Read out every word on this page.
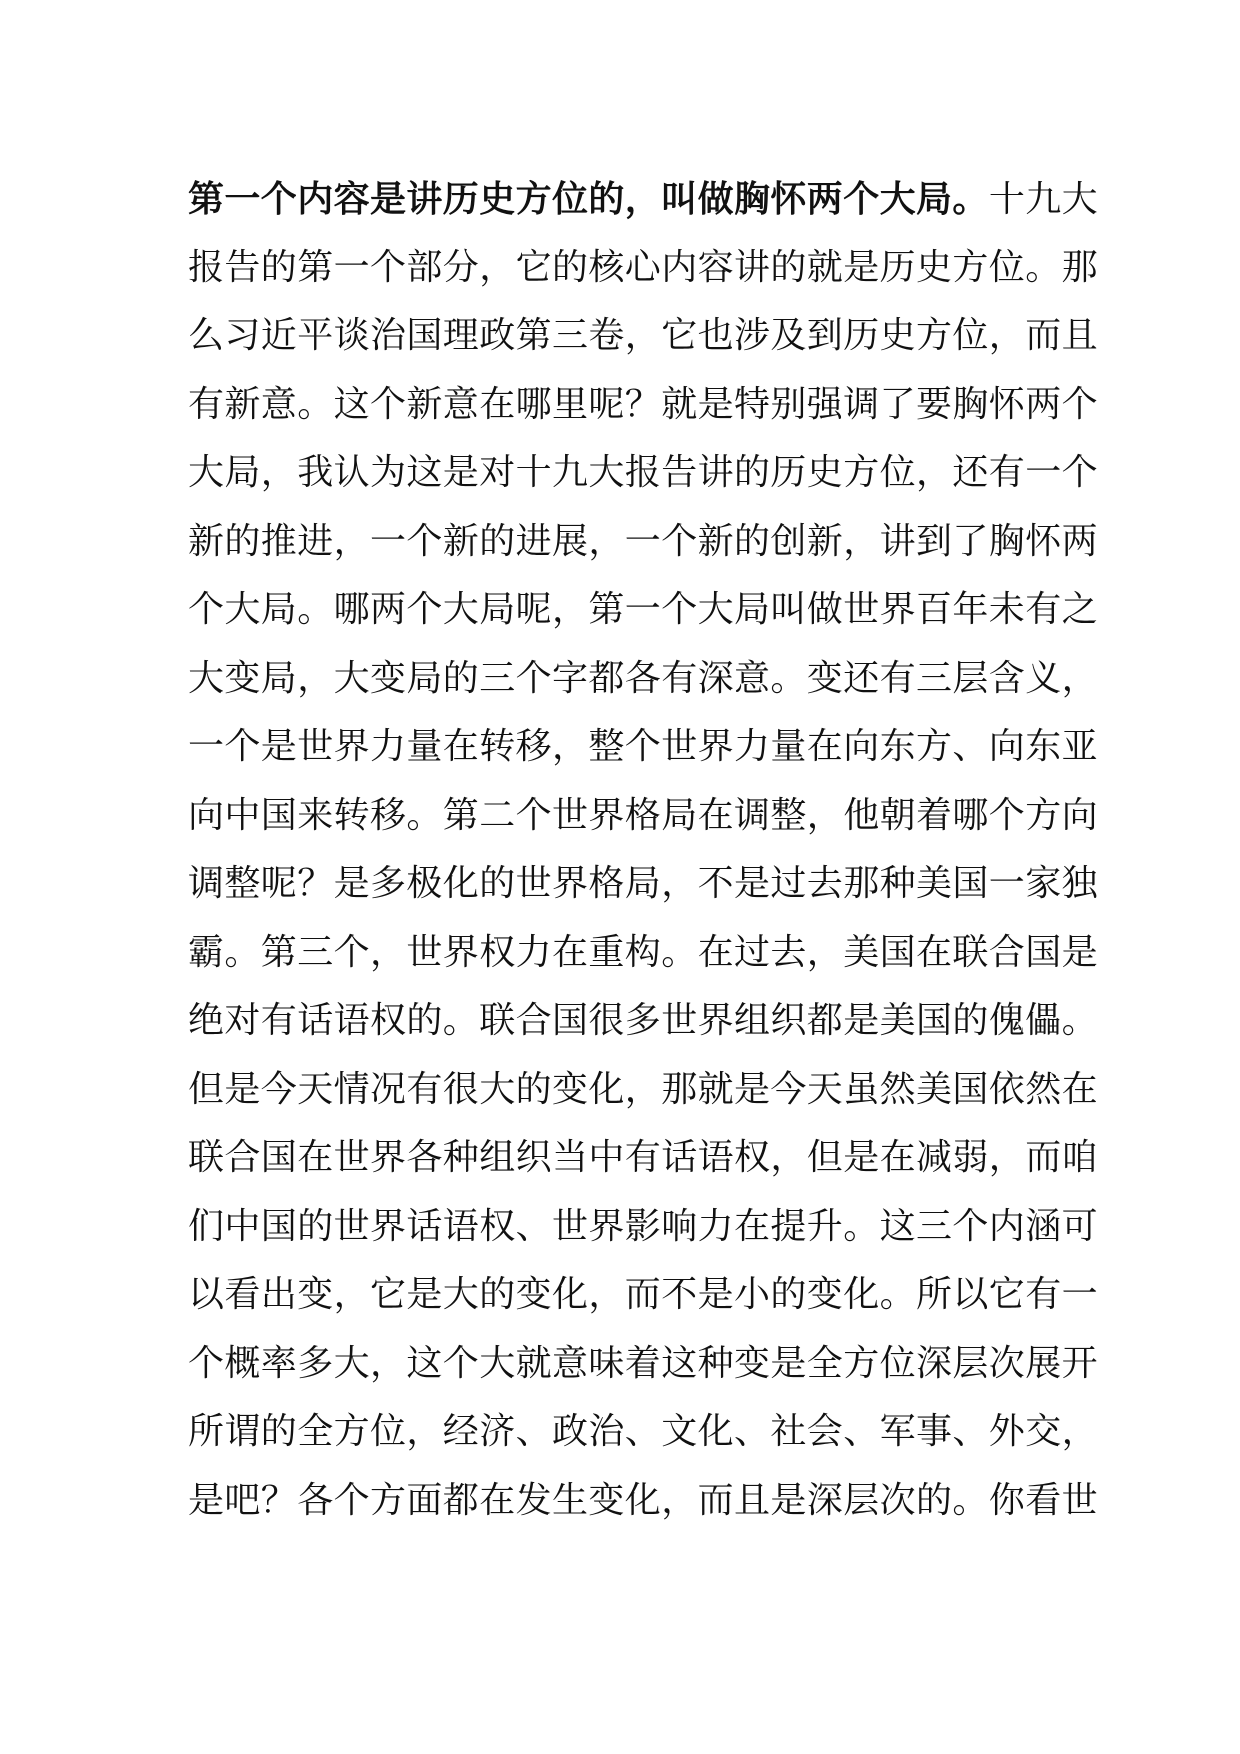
第一个内容是讲历史方位的，叫做胸怀两个大局。十九大
报告的第一个部分，它的核心内容讲的就是历史方位。那
么习近平谈治国理政第三卷，它也涉及到历史方位，而且
有新意。这个新意在哪里呢？就是特别强调了要胸怀两个
大局，我认为这是对十九大报告讲的历史方位，还有一个
新的推进，一个新的进展，一个新的创新，讲到了胸怀两
个大局。哪两个大局呢，第一个大局叫做世界百年未有之
大变局，大变局的三个字都各有深意。变还有三层含义，
一个是世界力量在转移，整个世界力量在向东方、向东亚
向中国来转移。第二个世界格局在调整，他朝着哪个方向
调整呢？是多极化的世界格局，不是过去那种美国一家独
霸。第三个，世界权力在重构。在过去，美国在联合国是
绝对有话语权的。联合国很多世界组织都是美国的傀儡。
但是今天情况有很大的变化，那就是今天虽然美国依然在
联合国在世界各种组织当中有话语权，但是在减弱，而咱
们中国的世界话语权、世界影响力在提升。这三个内涵可
以看出变，它是大的变化，而不是小的变化。所以它有一
个概率多大，这个大就意味着这种变是全方位深层次展开
所谓的全方位，经济、政治、文化、社会、军事、外交，
是吧？各个方面都在发生变化，而且是深层次的。你看世
